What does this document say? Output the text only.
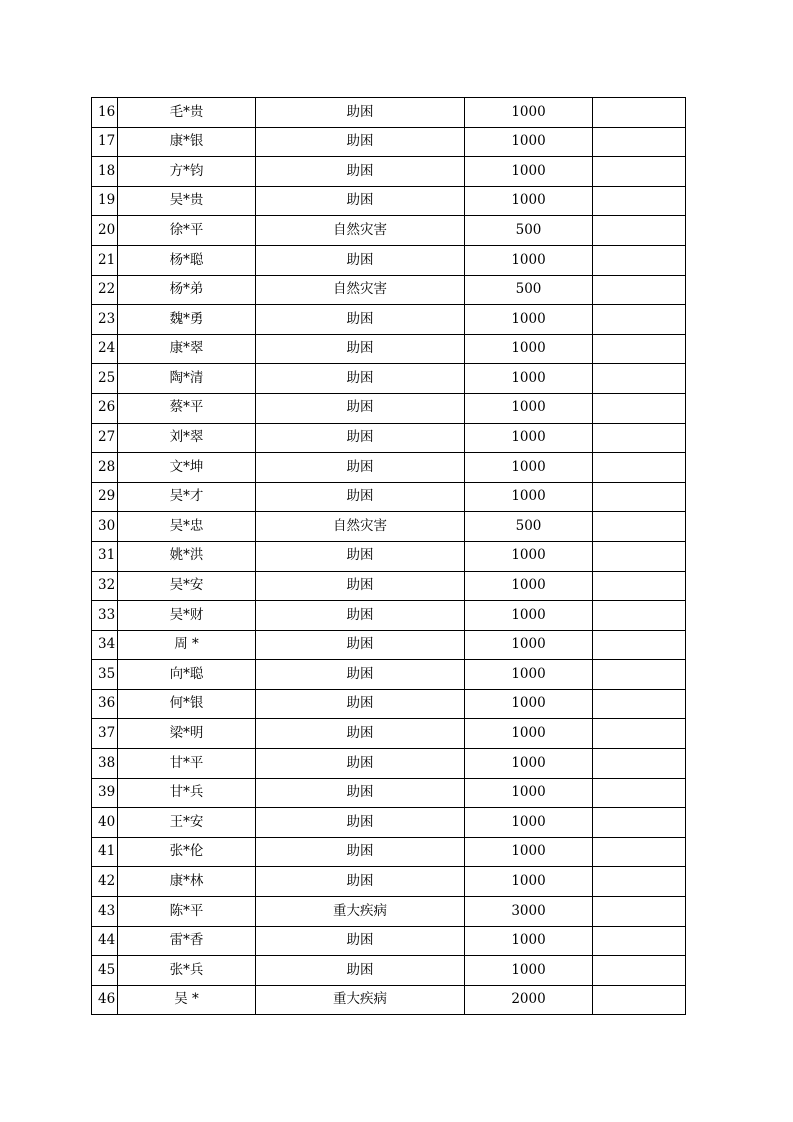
16	毛*贵	助困	1000	
17	康*银	助困	1000	
18	方*钧	助困	1000	
19	吴*贵	助困	1000	
20	徐*平	自然灾害	500	
21	杨*聪	助困	1000	
22	杨*弟	自然灾害	500	
23	魏*勇	助困	1000	
24	康*翠	助困	1000	
25	陶*清	助困	1000	
26	蔡*平	助困	1000	
27	刘*翠	助困	1000	
28	文*坤	助困	1000	
29	吴*才	助困	1000	
30	吴*忠	自然灾害	500	
31	姚*洪	助困	1000	
32	吴*安	助困	1000	
33	吴*财	助困	1000	
34	周 *	助困	1000	
35	向*聪	助困	1000	
36	何*银	助困	1000	
37	梁*明	助困	1000	
38	甘*平	助困	1000	
39	甘*兵	助困	1000	
40	王*安	助困	1000	
41	张*伦	助困	1000	
42	康*林	助困	1000	
43	陈*平	重大疾病	3000	
44	雷*香	助困	1000	
45	张*兵	助困	1000	
46	吴 *	重大疾病	2000	
